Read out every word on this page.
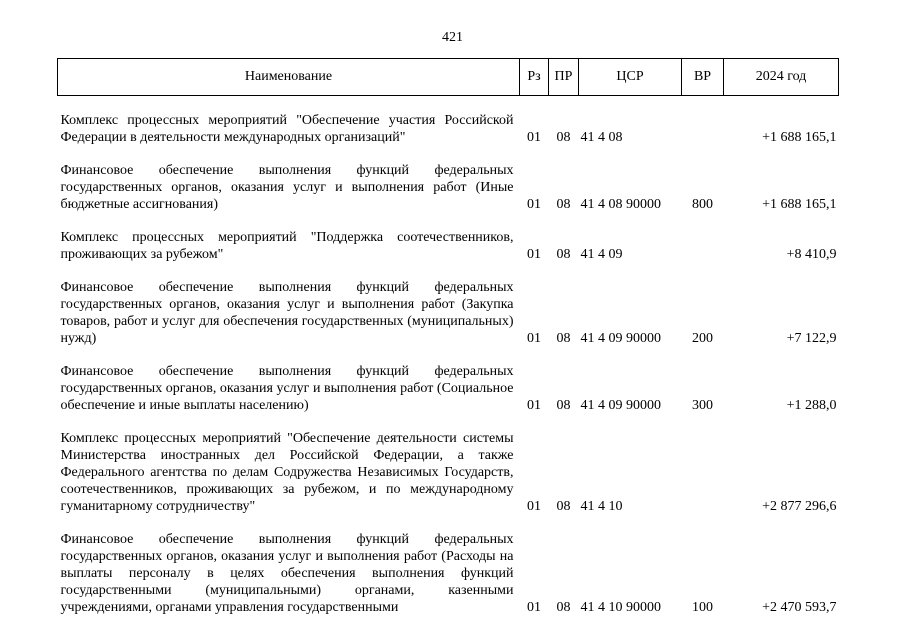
421
Наименование	Рз	ПР	ЦСР	ВР	2024 год

Комплекс процессных мероприятий "Обеспечение участия Российской Федерации в деятельности международных организаций"	01	08	41 4 08		+1 688 165,1

Финансовое обеспечение выполнения функций федеральных государственных органов, оказания услуг и выполнения работ (Иные бюджетные ассигнования)	01	08	41 4 08 90000	800	+1 688 165,1

Комплекс процессных мероприятий "Поддержка соотечественников, проживающих за рубежом"	01	08	41 4 09		+8 410,9

Финансовое обеспечение выполнения функций федеральных государственных органов, оказания услуг и выполнения работ (Закупка товаров, работ и услуг для обеспечения государственных (муниципальных) нужд)	01	08	41 4 09 90000	200	+7 122,9

Финансовое обеспечение выполнения функций федеральных государственных органов, оказания услуг и выполнения работ (Социальное обеспечение и иные выплаты населению)	01	08	41 4 09 90000	300	+1 288,0

Комплекс процессных мероприятий "Обеспечение деятельности системы Министерства иностранных дел Российской Федерации, а также Федерального агентства по делам Содружества Независимых Государств, соотечественников, проживающих за рубежом, и по международному гуманитарному сотрудничеству"	01	08	41 4 10		+2 877 296,6

Финансовое обеспечение выполнения функций федеральных государственных органов, оказания услуг и выполнения работ (Расходы на выплаты персоналу в целях обеспечения выполнения функций государственными (муниципальными) органами, казенными учреждениями, органами управления государственными	01	08	41 4 10 90000	100	+2 470 593,7
